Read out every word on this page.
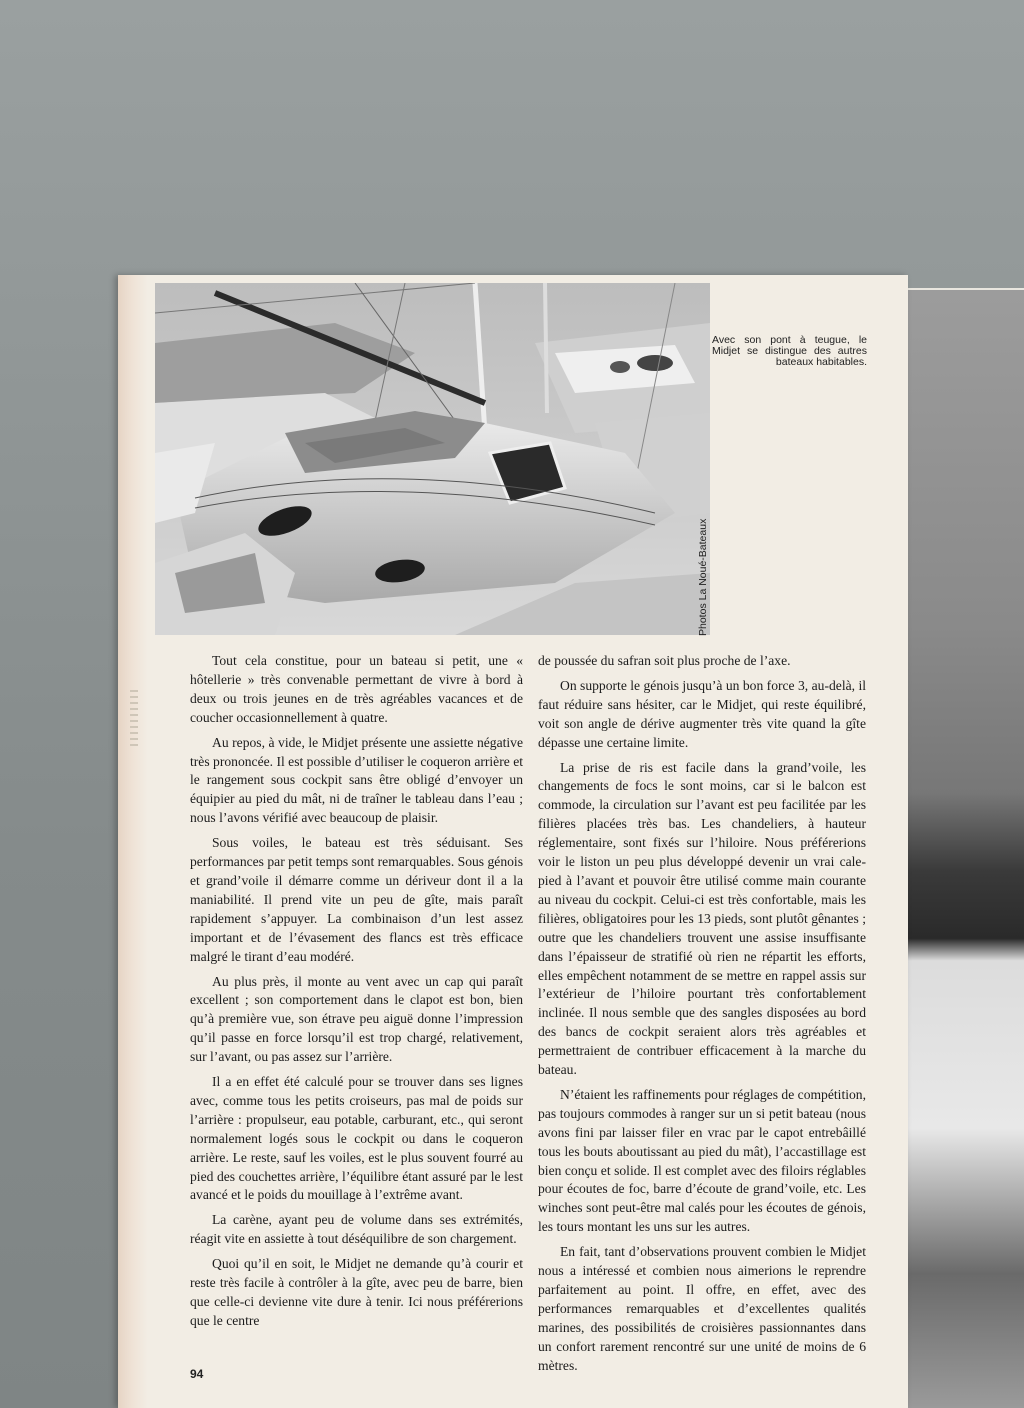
Avec son pont à teugue, le Midjet se distingue des autres bateaux habitables.
Photos La Noué-Bateaux

Tout cela constitue, pour un bateau si petit, une « hôtellerie » très convenable permettant de vivre à bord à deux ou trois jeunes en de très agréables vacances et de coucher occasionnellement à quatre.

Au repos, à vide, le Midjet présente une assiette négative très prononcée. Il est possible d’utiliser le coqueron arrière et le rangement sous cockpit sans être obligé d’envoyer un équipier au pied du mât, ni de traîner le tableau dans l’eau ; nous l’avons vérifié avec beaucoup de plaisir.

Sous voiles, le bateau est très séduisant. Ses performances par petit temps sont remarquables. Sous génois et grand’voile il démarre comme un dériveur dont il a la maniabilité. Il prend vite un peu de gîte, mais paraît rapidement s’appuyer. La combinaison d’un lest assez important et de l’évasement des flancs est très efficace malgré le tirant d’eau modéré.

Au plus près, il monte au vent avec un cap qui paraît excellent ; son comportement dans le clapot est bon, bien qu’à première vue, son étrave peu aiguë donne l’impression qu’il passe en force lorsqu’il est trop chargé, relativement, sur l’avant, ou pas assez sur l’arrière.

Il a en effet été calculé pour se trouver dans ses lignes avec, comme tous les petits croiseurs, pas mal de poids sur l’arrière : propulseur, eau potable, carburant, etc., qui seront normalement logés sous le cockpit ou dans le coqueron arrière. Le reste, sauf les voiles, est le plus souvent fourré au pied des couchettes arrière, l’équilibre étant assuré par le lest avancé et le poids du mouillage à l’extrême avant.

La carène, ayant peu de volume dans ses extrémités, réagit vite en assiette à tout déséquilibre de son chargement.

Quoi qu’il en soit, le Midjet ne demande qu’à courir et reste très facile à contrôler à la gîte, avec peu de barre, bien que celle-ci devienne vite dure à tenir. Ici nous préférerions que le centre

de poussée du safran soit plus proche de l’axe.

On supporte le génois jusqu’à un bon force 3, au-delà, il faut réduire sans hésiter, car le Midjet, qui reste équilibré, voit son angle de dérive augmenter très vite quand la gîte dépasse une certaine limite.

La prise de ris est facile dans la grand’voile, les changements de focs le sont moins, car si le balcon est commode, la circulation sur l’avant est peu facilitée par les filières placées très bas. Les chandeliers, à hauteur réglementaire, sont fixés sur l’hiloire. Nous préférerions voir le liston un peu plus développé devenir un vrai cale-pied à l’avant et pouvoir être utilisé comme main courante au niveau du cockpit. Celui-ci est très confortable, mais les filières, obligatoires pour les 13 pieds, sont plutôt gênantes ; outre que les chandeliers trouvent une assise insuffisante dans l’épaisseur de stratifié où rien ne répartit les efforts, elles empêchent notamment de se mettre en rappel assis sur l’extérieur de l’hiloire pourtant très confortablement inclinée. Il nous semble que des sangles disposées au bord des bancs de cockpit seraient alors très agréables et permettraient de contribuer efficacement à la marche du bateau.

N’étaient les raffinements pour réglages de compétition, pas toujours commodes à ranger sur un si petit bateau (nous avons fini par laisser filer en vrac par le capot entrebâillé tous les bouts aboutissant au pied du mât), l’accastillage est bien conçu et solide. Il est complet avec des filoirs réglables pour écoutes de foc, barre d’écoute de grand’voile, etc. Les winches sont peut-être mal calés pour les écoutes de génois, les tours montant les uns sur les autres.

En fait, tant d’observations prouvent combien le Midjet nous a intéressé et combien nous aimerions le reprendre parfaitement au point. Il offre, en effet, avec des performances remarquables et d’excellentes qualités marines, des possibilités de croisières passionnantes dans un confort rarement rencontré sur une unité de moins de 6 mètres.

94
